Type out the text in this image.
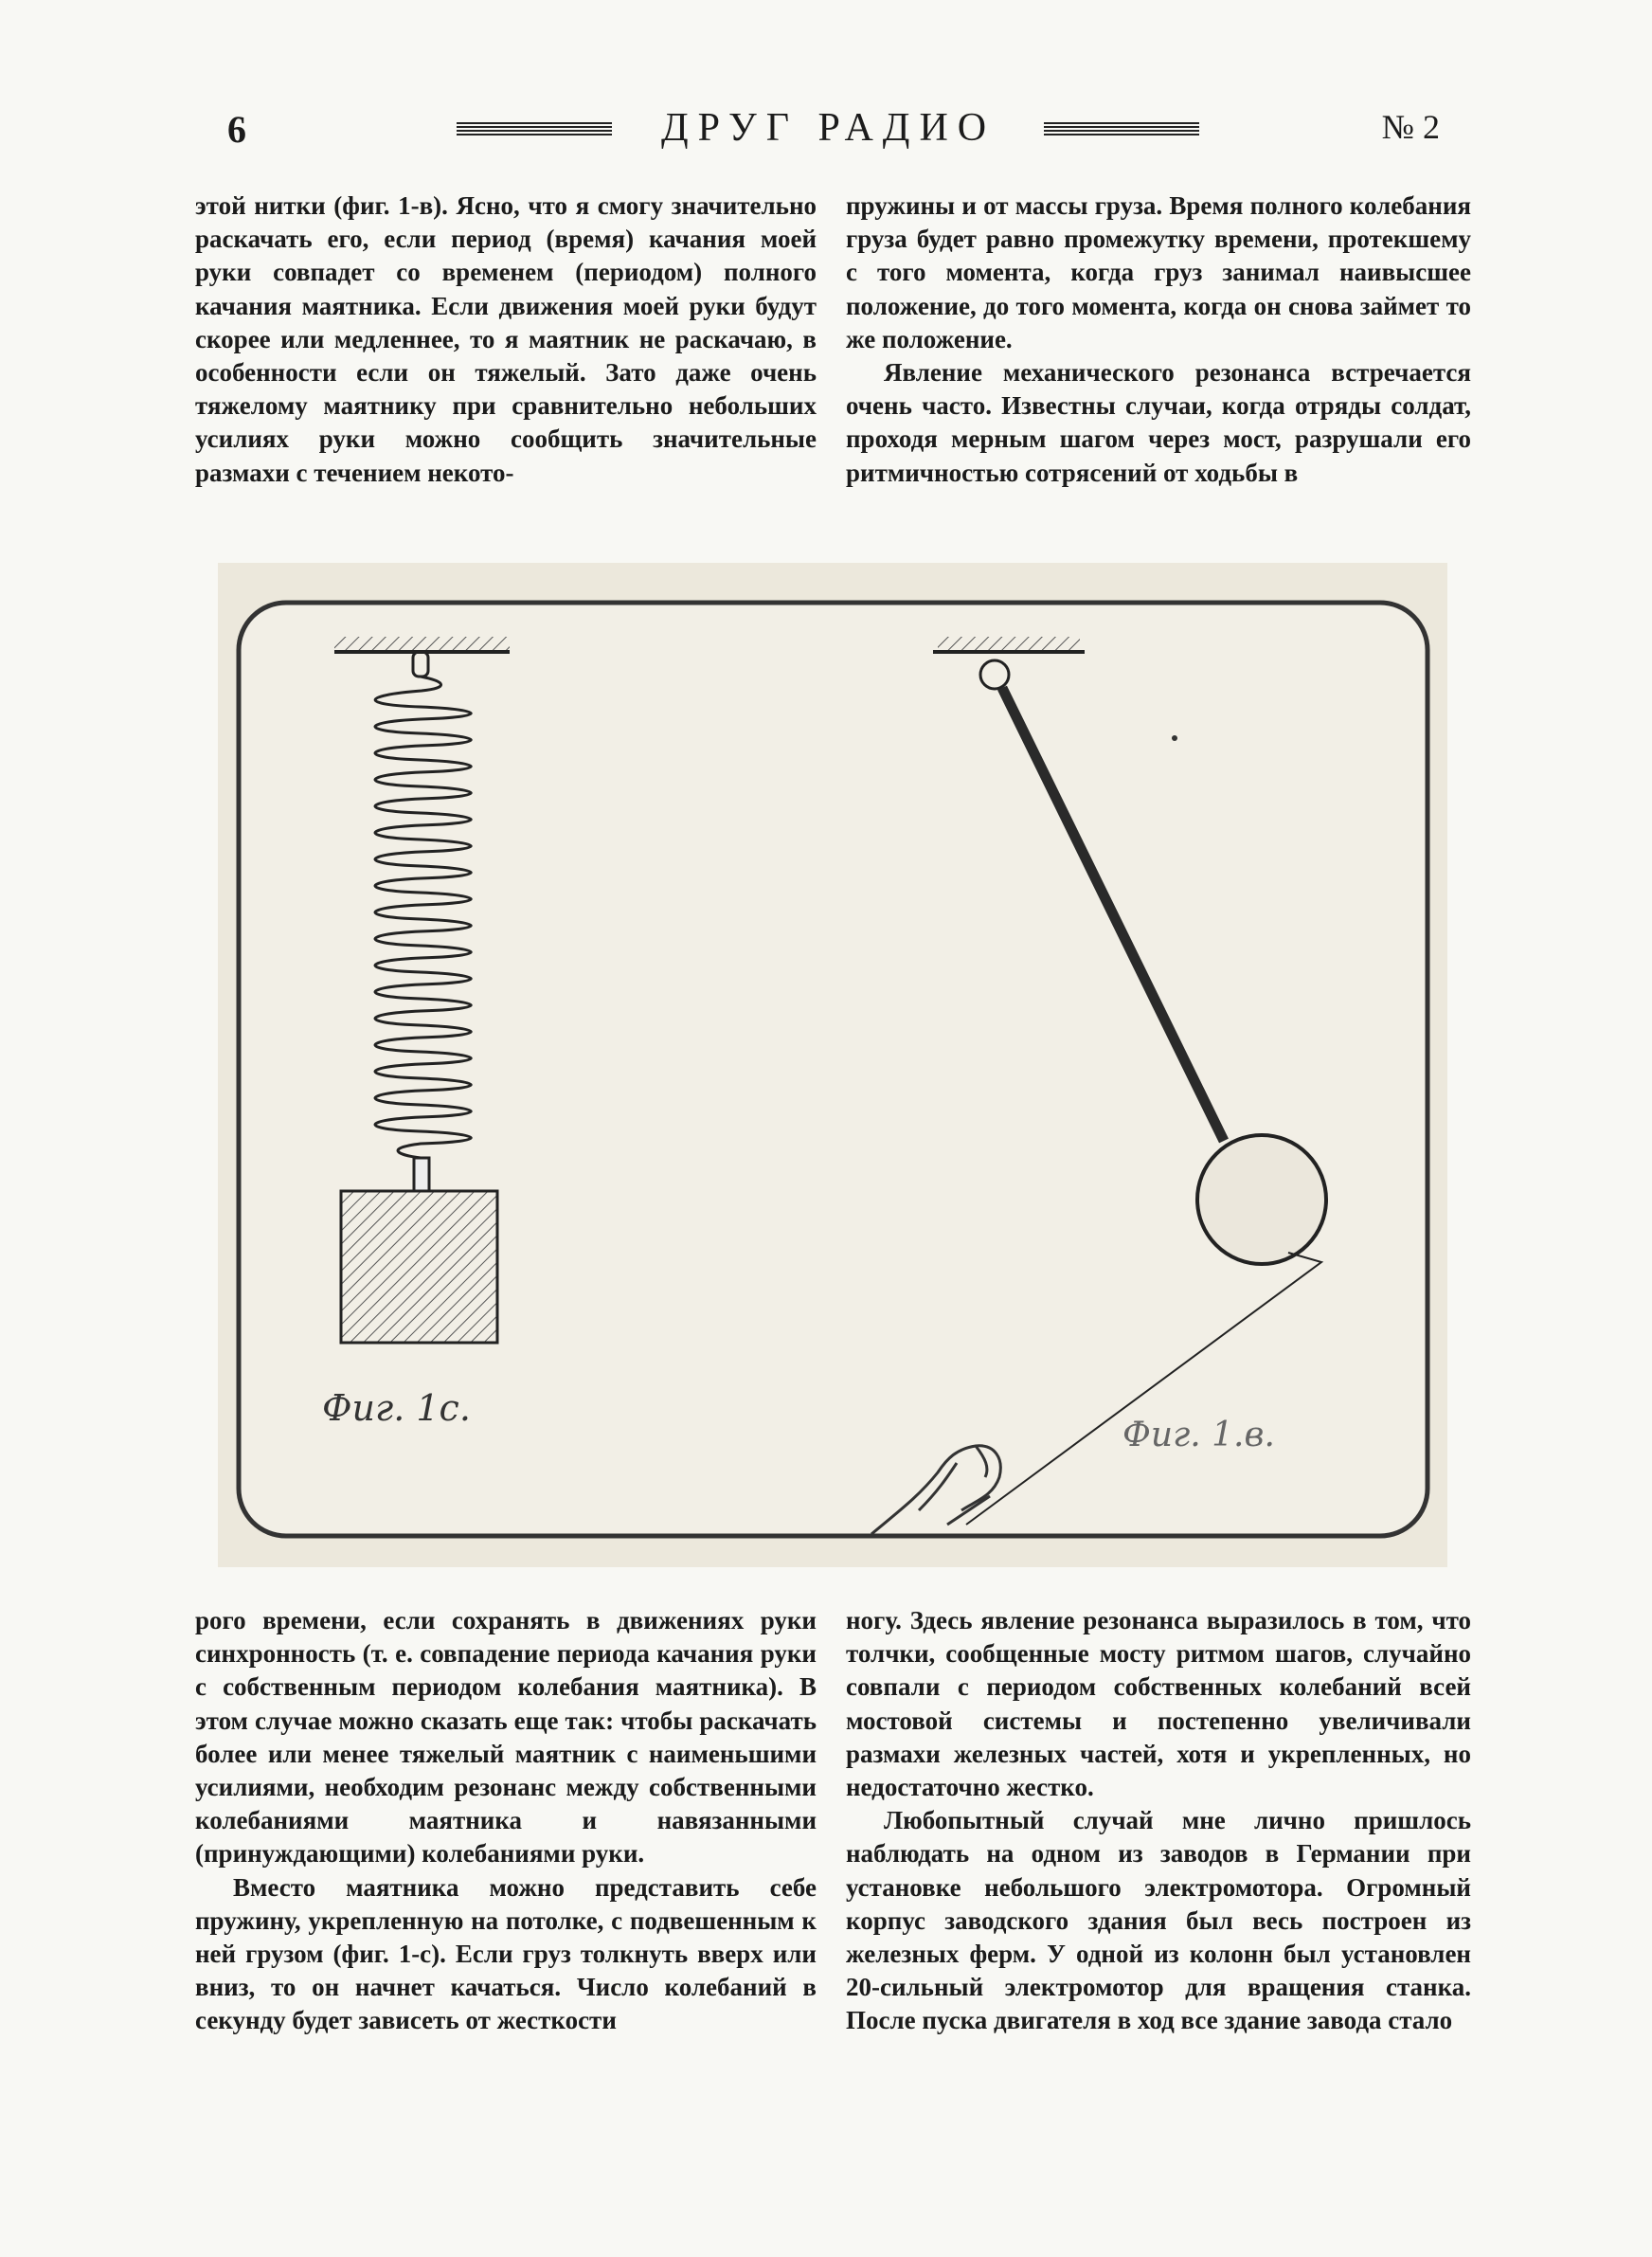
6	ДРУГ РАДИО	№ 2

этой нитки (фиг. 1-в). Ясно, что я смогу значительно раскачать его, если период (время) качания моей руки совпадет со временем (периодом) полного качания маятника. Если движения моей руки будут скорее или медленнее, то я маятник не раскачаю, в особенности если он тяжелый. Зато даже очень тяжелому маятнику при сравнительно небольших усилиях руки можно сообщить значительные размахи с течением некото-

пружины и от массы груза. Время полного колебания груза будет равно промежутку времени, протекшему с того момента, когда груз занимал наивысшее положение, до того момента, когда он снова займет то же положение.

Явление механического резонанса встречается очень часто. Известны случаи, когда отряды солдат, проходя мерным шагом через мост, разрушали его ритмичностью сотрясений от ходьбы в

Фиг. 1с.
Фиг. 1.в.

рого времени, если сохранять в движениях руки синхронность (т. е. совпадение периода качания руки с собственным периодом колебания маятника). В этом случае можно сказать еще так: чтобы раскачать более или менее тяжелый маятник с наименьшими усилиями, необходим резонанс между собственными колебаниями маятника и навязанными (принуждающими) колебаниями руки.

Вместо маятника можно представить себе пружину, укрепленную на потолке, с подвешенным к ней грузом (фиг. 1-с). Если груз толкнуть вверх или вниз, то он начнет качаться. Число колебаний в секунду будет зависеть от жесткости

ногу. Здесь явление резонанса выразилось в том, что толчки, сообщенные мосту ритмом шагов, случайно совпали с периодом собственных колебаний всей мостовой системы и постепенно увеличивали размахи железных частей, хотя и укрепленных, но недостаточно жестко.

Любопытный случай мне лично пришлось наблюдать на одном из заводов в Германии при установке небольшого электромотора. Огромный корпус заводского здания был весь построен из железных ферм. У одной из колонн был установлен 20-сильный электромотор для вращения станка. После пуска двигателя в ход все здание завода стало
